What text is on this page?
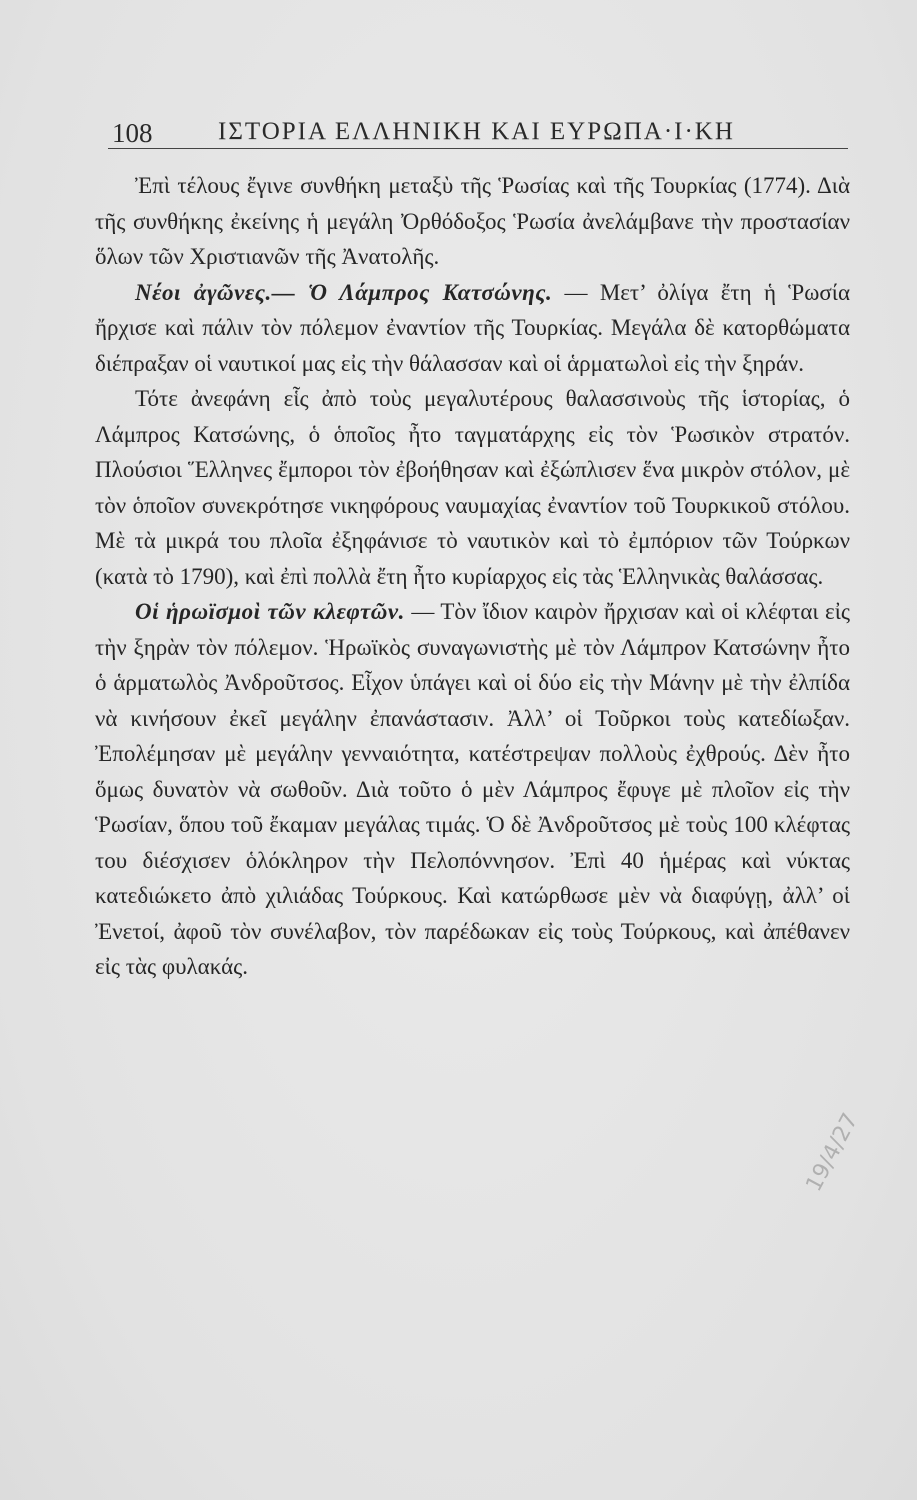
108	ΙΣΤΟΡΙΑ ΕΛΛΗΝΙΚΗ ΚΑΙ ΕΥΡΩΠΑ·Ι·ΚΗ

Ἐπὶ τέλους ἔγινε συνθήκη μεταξὺ τῆς Ῥωσίας καὶ τῆς Τουρκίας (1774). Διὰ τῆς συνθήκης ἐκείνης ἡ μεγάλη Ὀρθόδοξος Ῥωσία ἀνελάμβανε τὴν προστασίαν ὅλων τῶν Χριστιανῶν τῆς Ἀνατολῆς.

Νέοι ἀγῶνες.— Ὁ Λάμπρος Κατσώνης. — Μετ’ ὀλίγα ἔτη ἡ Ῥωσία ἤρχισε καὶ πάλιν τὸν πόλεμον ἐναντίον τῆς Τουρκίας. Μεγάλα δὲ κατορθώματα διέπραξαν οἱ ναυτικοί μας εἰς τὴν θάλασσαν καὶ οἱ ἁρματωλοὶ εἰς τὴν ξηράν.

Τότε ἀνεφάνη εἷς ἀπὸ τοὺς μεγαλυτέρους θαλασσινοὺς τῆς ἱστορίας, ὁ Λάμπρος Κατσώνης, ὁ ὁποῖος ἦτο ταγματάρχης εἰς τὸν Ῥωσικὸν στρατόν. Πλούσιοι Ἕλληνες ἔμποροι τὸν ἐβοήθησαν καὶ ἐξώπλισεν ἕνα μικρὸν στόλον, μὲ τὸν ὁποῖον συνεκρότησε νικηφόρους ναυμαχίας ἐναντίον τοῦ Τουρκικοῦ στόλου. Μὲ τὰ μικρά του πλοῖα ἐξηφάνισε τὸ ναυτικὸν καὶ τὸ ἐμπόριον τῶν Τούρκων (κατὰ τὸ 1790), καὶ ἐπὶ πολλὰ ἔτη ἦτο κυρίαρχος εἰς τὰς Ἑλληνικὰς θαλάσσας.

Οἱ ἡρωϊσμοὶ τῶν κλεφτῶν. — Τὸν ἴδιον καιρὸν ἤρχισαν καὶ οἱ κλέφται εἰς τὴν ξηρὰν τὸν πόλεμον. Ἡρωϊκὸς συναγωνιστὴς μὲ τὸν Λάμπρον Κατσώνην ἦτο ὁ ἁρματωλὸς Ἀνδροῦτσος. Εἶχον ὑπάγει καὶ οἱ δύο εἰς τὴν Μάνην μὲ τὴν ἐλπίδα νὰ κινήσουν ἐκεῖ μεγάλην ἐπανάστασιν. Ἀλλ’ οἱ Τοῦρκοι τοὺς κατεδίωξαν. Ἐπολέμησαν μὲ μεγάλην γενναιότητα, κατέστρεψαν πολλοὺς ἐχθρούς. Δὲν ἦτο ὅμως δυνατὸν νὰ σωθοῦν. Διὰ τοῦτο ὁ μὲν Λάμπρος ἔφυγε μὲ πλοῖον εἰς τὴν Ῥωσίαν, ὅπου τοῦ ἔκαμαν μεγάλας τιμάς. Ὁ δὲ Ἀνδροῦτσος μὲ τοὺς 100 κλέφτας του διέσχισεν ὁλόκληρον τὴν Πελοπόννησον. Ἐπὶ 40 ἡμέρας καὶ νύκτας κατεδιώκετο ἀπὸ χιλιάδας Τούρκους. Καὶ κατώρθωσε μὲν νὰ διαφύγῃ, ἀλλ’ οἱ Ἐνετοί, ἀφοῦ τὸν συνέλαβον, τὸν παρέδωκαν εἰς τοὺς Τούρκους, καὶ ἀπέθανεν εἰς τὰς φυλακάς.

19/4/27
